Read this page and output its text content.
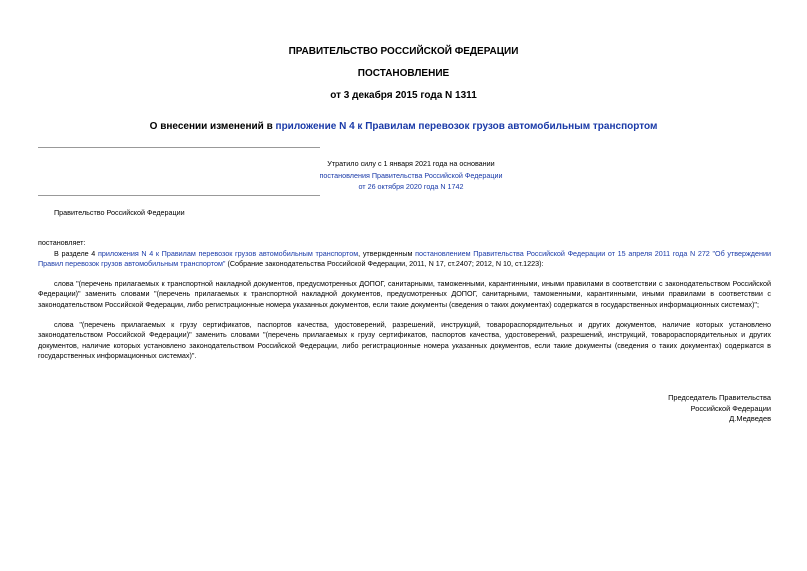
ПРАВИТЕЛЬСТВО РОССИЙСКОЙ ФЕДЕРАЦИИ
ПОСТАНОВЛЕНИЕ
от 3 декабря 2015 года N 1311
О внесении изменений в приложение N 4 к Правилам перевозок грузов автомобильным транспортом
Утратило силу с 1 января 2021 года на основании
постановления Правительства Российской Федерации
от 26 октября 2020 года N 1742
Правительство Российской Федерации
постановляет:
В разделе 4 приложения N 4 к Правилам перевозок грузов автомобильным транспортом, утвержденным постановлением Правительства Российской Федерации от 15 апреля 2011 года N 272 "Об утверждении Правил перевозок грузов автомобильным транспортом" (Собрание законодательства Российской Федерации, 2011, N 17, ст.2407; 2012, N 10, ст.1223):
слова "(перечень прилагаемых к транспортной накладной документов, предусмотренных ДОПОГ, санитарными, таможенными, карантинными, иными правилами в соответствии с законодательством Российской Федерации)" заменить словами "(перечень прилагаемых к транспортной накладной документов, предусмотренных ДОПОГ, санитарными, таможенными, карантинными, иными правилами в соответствии с законодательством Российской Федерации, либо регистрационные номера указанных документов, если такие документы (сведения о таких документах) содержатся в государственных информационных системах)";
слова "(перечень прилагаемых к грузу сертификатов, паспортов качества, удостоверений, разрешений, инструкций, товарораспорядительных и других документов, наличие которых установлено законодательством Российской Федерации)" заменить словами "(перечень прилагаемых к грузу сертификатов, паспортов качества, удостоверений, разрешений, инструкций, товарораспорядительных и других документов, наличие которых установлено законодательством Российской Федерации, либо регистрационные номера указанных документов, если такие документы (сведения о таких документах) содержатся в государственных информационных системах)".
Председатель Правительства
Российской Федерации
Д.Медведев
